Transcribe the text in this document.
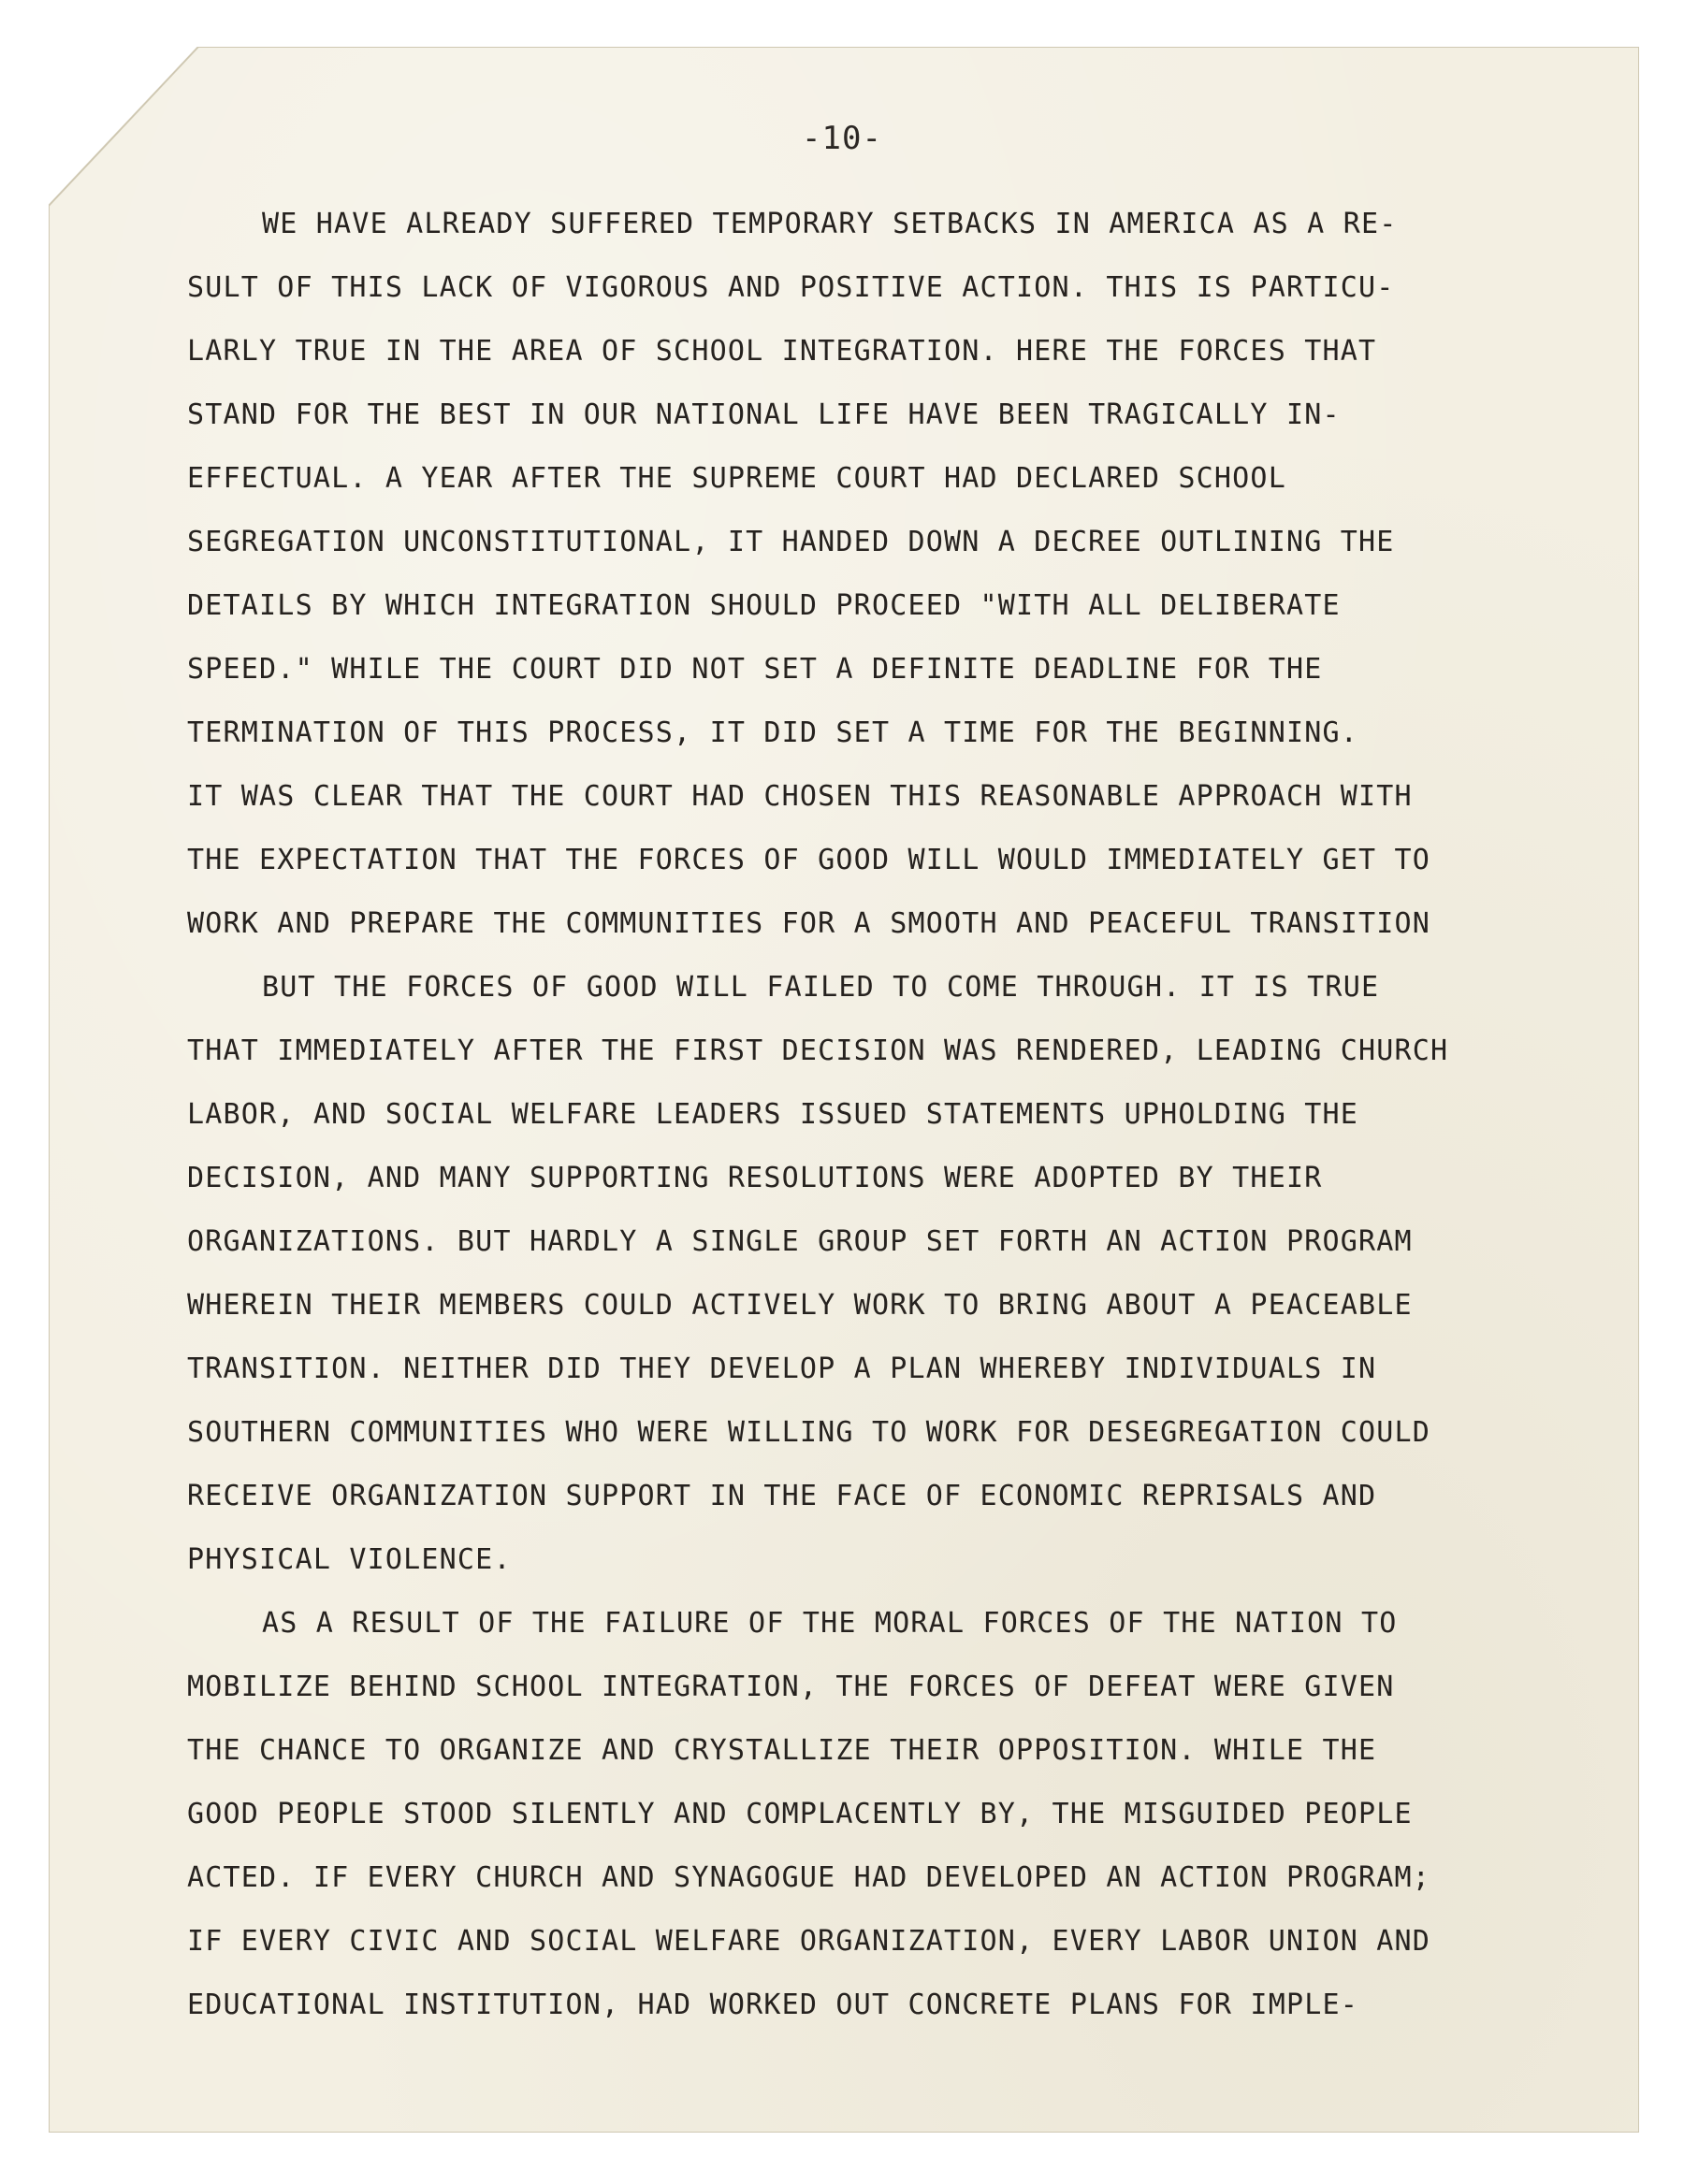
-10-
WE HAVE ALREADY SUFFERED TEMPORARY SETBACKS IN AMERICA AS A RE-
SULT OF THIS LACK OF VIGOROUS AND POSITIVE ACTION. THIS IS PARTICU-
LARLY TRUE IN THE AREA OF SCHOOL INTEGRATION. HERE THE FORCES THAT
STAND FOR THE BEST IN OUR NATIONAL LIFE HAVE BEEN TRAGICALLY IN-
EFFECTUAL. A YEAR AFTER THE SUPREME COURT HAD DECLARED SCHOOL
SEGREGATION UNCONSTITUTIONAL, IT HANDED DOWN A DECREE OUTLINING THE
DETAILS BY WHICH INTEGRATION SHOULD PROCEED "WITH ALL DELIBERATE
SPEED." WHILE THE COURT DID NOT SET A DEFINITE DEADLINE FOR THE
TERMINATION OF THIS PROCESS, IT DID SET A TIME FOR THE BEGINNING.
IT WAS CLEAR THAT THE COURT HAD CHOSEN THIS REASONABLE APPROACH WITH
THE EXPECTATION THAT THE FORCES OF GOOD WILL WOULD IMMEDIATELY GET TO
WORK AND PREPARE THE COMMUNITIES FOR A SMOOTH AND PEACEFUL TRANSITION
BUT THE FORCES OF GOOD WILL FAILED TO COME THROUGH. IT IS TRUE
THAT IMMEDIATELY AFTER THE FIRST DECISION WAS RENDERED, LEADING CHURCH
LABOR, AND SOCIAL WELFARE LEADERS ISSUED STATEMENTS UPHOLDING THE
DECISION, AND MANY SUPPORTING RESOLUTIONS WERE ADOPTED BY THEIR
ORGANIZATIONS. BUT HARDLY A SINGLE GROUP SET FORTH AN ACTION PROGRAM
WHEREIN THEIR MEMBERS COULD ACTIVELY WORK TO BRING ABOUT A PEACEABLE
TRANSITION. NEITHER DID THEY DEVELOP A PLAN WHEREBY INDIVIDUALS IN
SOUTHERN COMMUNITIES WHO WERE WILLING TO WORK FOR DESEGREGATION COULD
RECEIVE ORGANIZATION SUPPORT IN THE FACE OF ECONOMIC REPRISALS AND
PHYSICAL VIOLENCE.
AS A RESULT OF THE FAILURE OF THE MORAL FORCES OF THE NATION TO
MOBILIZE BEHIND SCHOOL INTEGRATION, THE FORCES OF DEFEAT WERE GIVEN
THE CHANCE TO ORGANIZE AND CRYSTALLIZE THEIR OPPOSITION. WHILE THE
GOOD PEOPLE STOOD SILENTLY AND COMPLACENTLY BY, THE MISGUIDED PEOPLE
ACTED. IF EVERY CHURCH AND SYNAGOGUE HAD DEVELOPED AN ACTION PROGRAM;
IF EVERY CIVIC AND SOCIAL WELFARE ORGANIZATION, EVERY LABOR UNION AND
EDUCATIONAL INSTITUTION, HAD WORKED OUT CONCRETE PLANS FOR IMPLE-
